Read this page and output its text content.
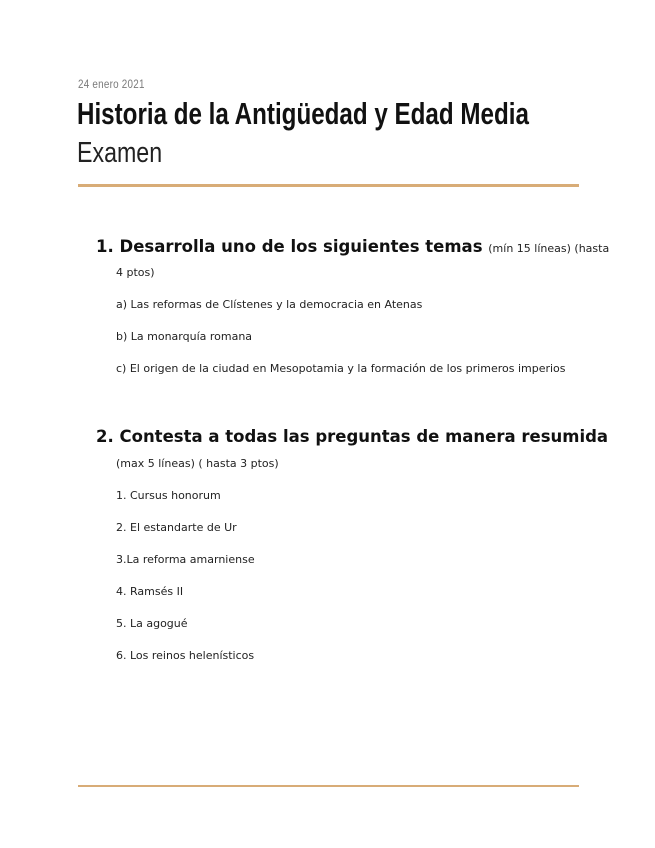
24 enero 2021
Historia de la Antigüedad y Edad Media
Examen
1. Desarrolla uno de los siguientes temas (mín 15 líneas) (hasta
4 ptos)
a) Las reformas de Clístenes y la democracia en Atenas
b) La monarquía romana
c) El origen de la ciudad en Mesopotamia y la formación de los primeros imperios
2. Contesta a todas las preguntas de manera resumida
(max 5 líneas) ( hasta 3 ptos)
1. Cursus honorum
2. El estandarte de Ur
3.La reforma amarniense
4. Ramsés II
5. La agogué
6. Los reinos helenísticos
